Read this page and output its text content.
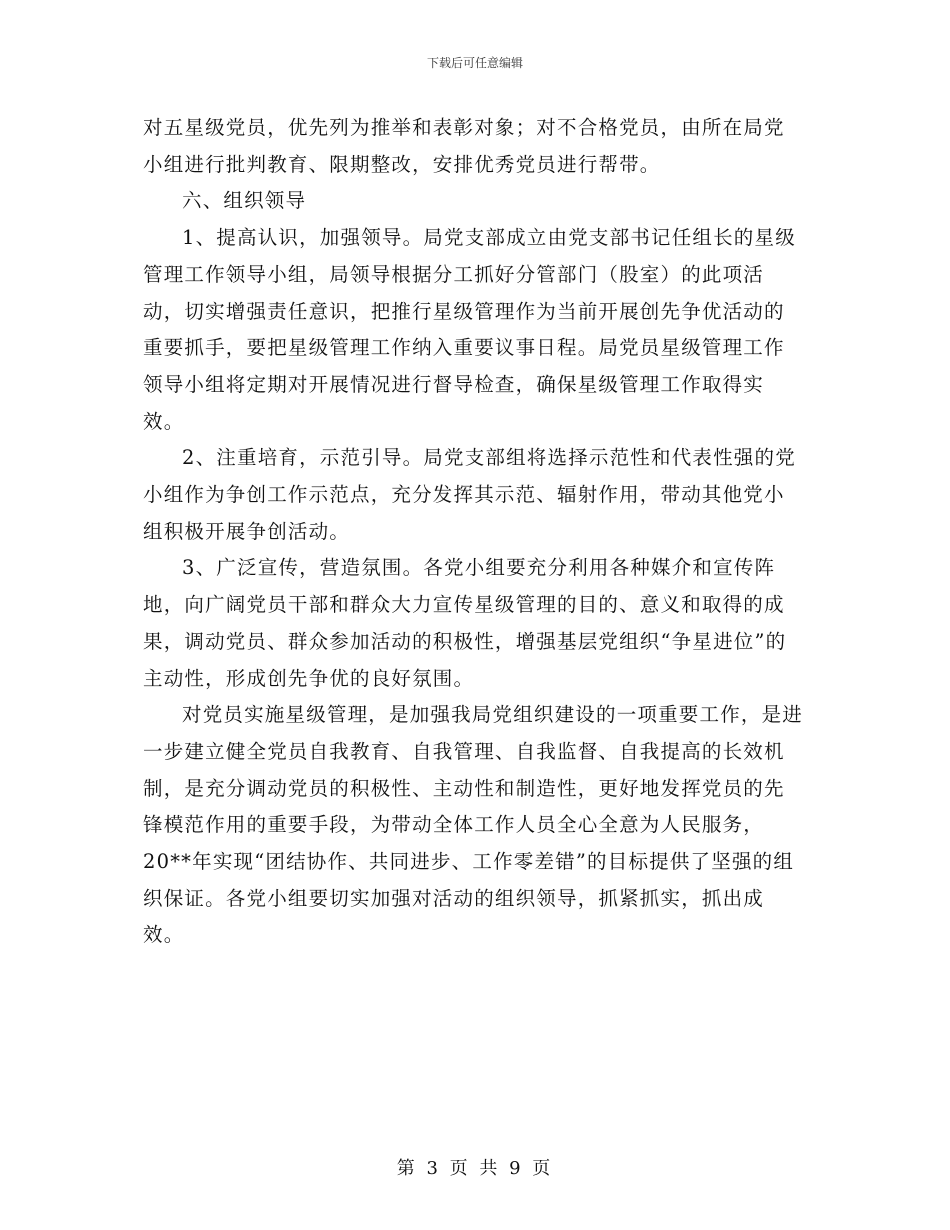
下载后可任意编辑

对五星级党员，优先列为推举和表彰对象；对不合格党员，由所在局党小组进行批判教育、限期整改，安排优秀党员进行帮带。

六、组织领导

1、提高认识，加强领导。局党支部成立由党支部书记任组长的星级管理工作领导小组，局领导根据分工抓好分管部门（股室）的此项活动，切实增强责任意识，把推行星级管理作为当前开展创先争优活动的重要抓手，要把星级管理工作纳入重要议事日程。局党员星级管理工作领导小组将定期对开展情况进行督导检查，确保星级管理工作取得实效。

2、注重培育，示范引导。局党支部组将选择示范性和代表性强的党小组作为争创工作示范点，充分发挥其示范、辐射作用，带动其他党小组积极开展争创活动。

3、广泛宣传，营造氛围。各党小组要充分利用各种媒介和宣传阵地，向广阔党员干部和群众大力宣传星级管理的目的、意义和取得的成果，调动党员、群众参加活动的积极性，增强基层党组织“争星进位”的主动性，形成创先争优的良好氛围。

对党员实施星级管理，是加强我局党组织建设的一项重要工作，是进一步建立健全党员自我教育、自我管理、自我监督、自我提高的长效机制，是充分调动党员的积极性、主动性和制造性，更好地发挥党员的先锋模范作用的重要手段，为带动全体工作人员全心全意为人民服务，20**年实现“团结协作、共同进步、工作零差错”的目标提供了坚强的组织保证。各党小组要切实加强对活动的组织领导，抓紧抓实，抓出成效。

第 3 页 共 9 页
